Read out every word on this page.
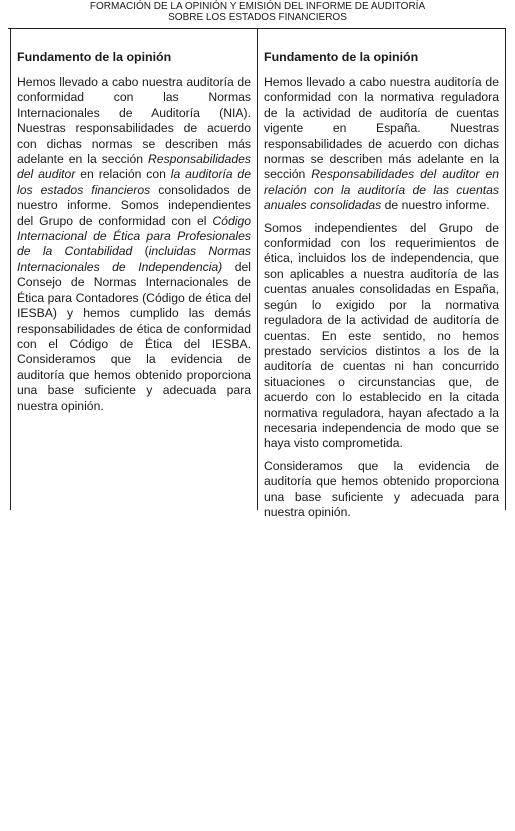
FORMACIÓN DE LA OPINIÓN Y EMISIÓN DEL INFORME DE AUDITORÍA
SOBRE LOS ESTADOS FINANCIEROS
Fundamento de la opinión

Hemos llevado a cabo nuestra auditoría de conformidad con las Normas Internacionales de Auditoría (NIA). Nuestras responsabilidades de acuerdo con dichas normas se describen más adelante en la sección Responsabilidades del auditor en relación con la auditoría de los estados financieros consolidados de nuestro informe. Somos independientes del Grupo de conformidad con el Código Internacional de Ética para Profesionales de la Contabilidad (incluidas Normas Internacionales de Independencia) del Consejo de Normas Internacionales de Ética para Contadores (Código de ética del IESBA) y hemos cumplido las demás responsabilidades de ética de conformidad con el Código de Ética del IESBA. Consideramos que la evidencia de auditoría que hemos obtenido proporciona una base suficiente y adecuada para nuestra opinión.

Fundamento de la opinión

Hemos llevado a cabo nuestra auditoría de conformidad con la normativa reguladora de la actividad de auditoría de cuentas vigente en España. Nuestras responsabilidades de acuerdo con dichas normas se describen más adelante en la sección Responsabilidades del auditor en relación con la auditoría de las cuentas anuales consolidadas de nuestro informe.

Somos independientes del Grupo de conformidad con los requerimientos de ética, incluidos los de independencia, que son aplicables a nuestra auditoría de las cuentas anuales consolidadas en España, según lo exigido por la normativa reguladora de la actividad de auditoría de cuentas. En este sentido, no hemos prestado servicios distintos a los de la auditoría de cuentas ni han concurrido situaciones o circunstancias que, de acuerdo con lo establecido en la citada normativa reguladora, hayan afectado a la necesaria independencia de modo que se haya visto comprometida.

Consideramos que la evidencia de auditoría que hemos obtenido proporciona una base suficiente y adecuada para nuestra opinión.
